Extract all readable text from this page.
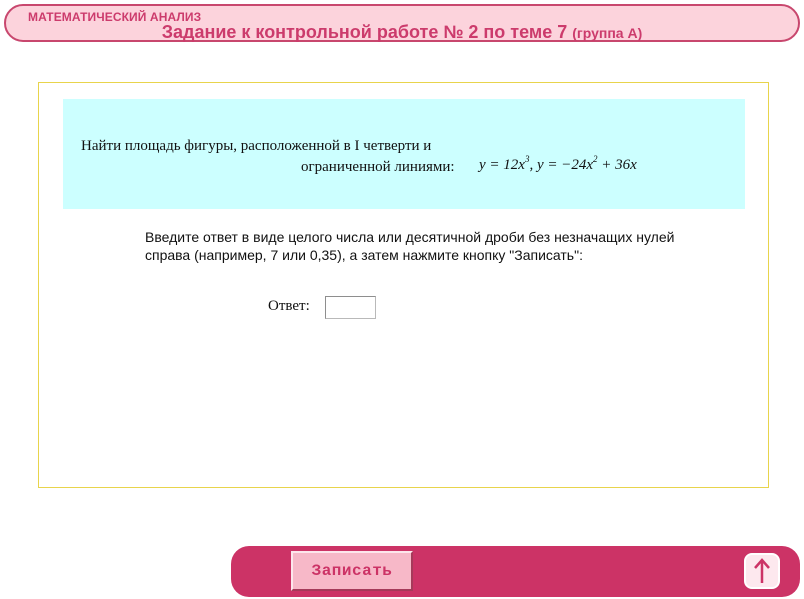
МАТЕМАТИЧЕСКИЙ АНАЛИЗ
Задание к контрольной работе № 2 по теме 7 (группа А)
Найти площадь фигуры, расположенной в I четверти и
ограниченной линиями: $y = 12x^3$, $y = -24x^2 + 36x$
Введите ответ в виде целого числа или десятичной дроби без незначащих нулей
справа (например, 7 или 0,35), а затем нажмите кнопку "Записать":
Ответ:
Записать
